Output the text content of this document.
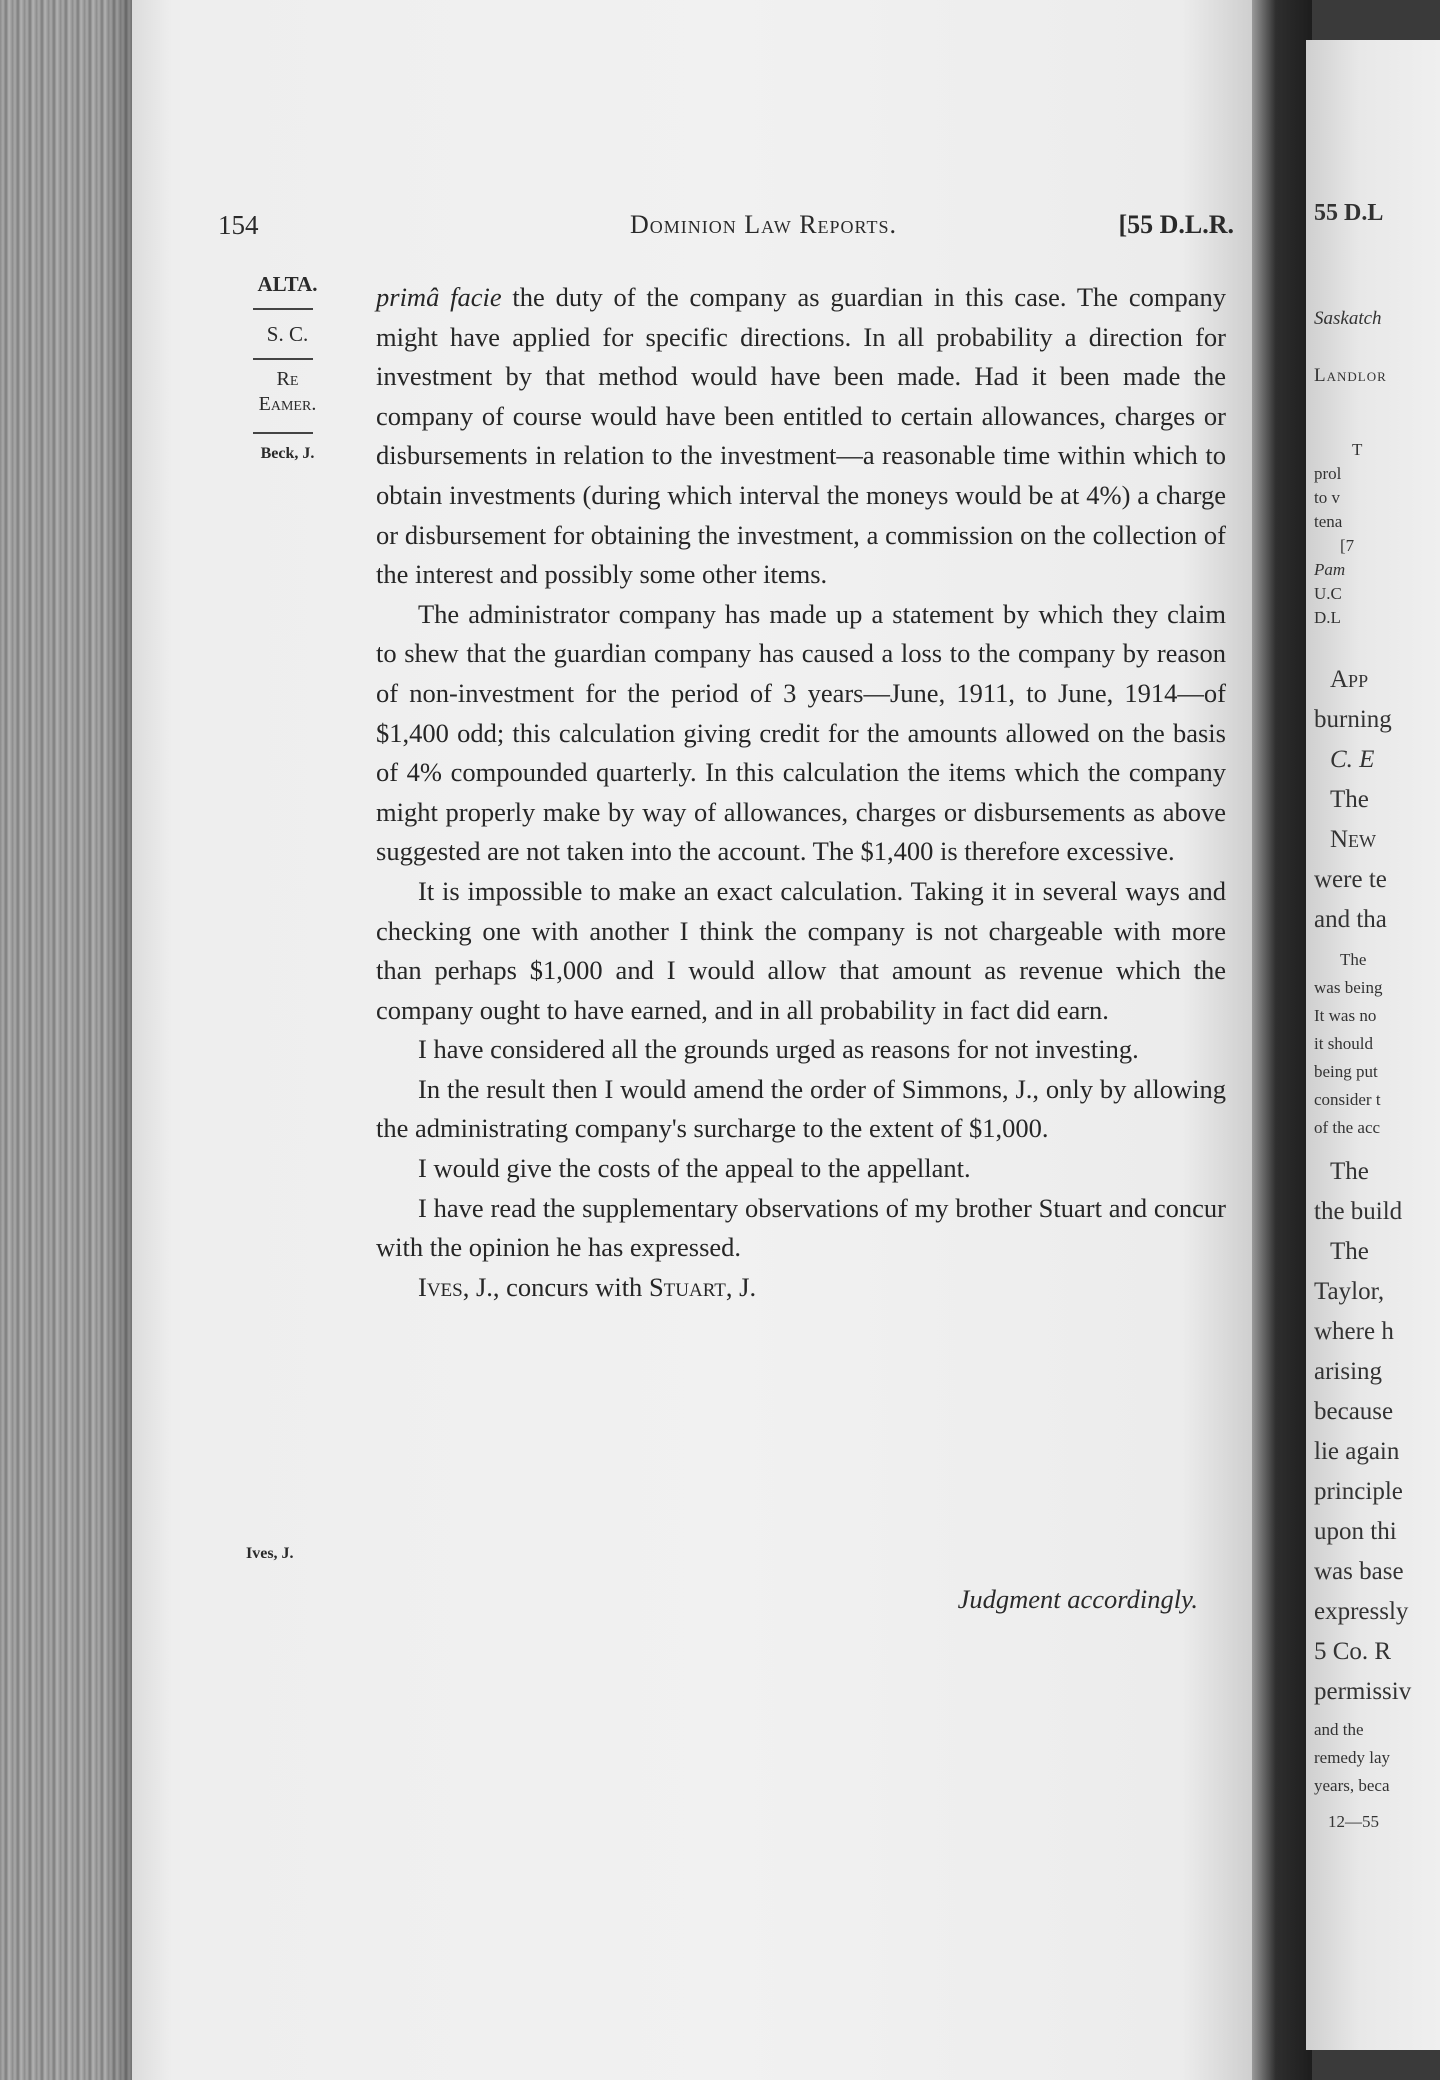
55 D.L
Saskatch
Landlor
T
prol
to v
tena
[7
Pam
U.C
D.L
App
burning
C. E
The
New
were te
and tha
The
was being
It was no
it should
being put
consider t
of the acc
The
the build
The
Taylor,
where h
arising
because
lie again
principle
upon thi
was base
expressly
5 Co. R
permissiv
and the
remedy lay
years, beca
12—55
154	Dominion Law Reports.	[55 D.L.R.
ALTA.
S. C.
Re
Eamer.
Beck, J.
Ives, J.

primâ facie the duty of the company as guardian in this case. The company might have applied for specific directions. In all probability a direction for investment by that method would have been made. Had it been made the company of course would have been entitled to certain allowances, charges or disbursements in relation to the investment—a reasonable time within which to obtain investments (during which interval the moneys would be at 4%) a charge or disbursement for obtaining the investment, a commission on the collection of the interest and possibly some other items.

The administrator company has made up a statement by which they claim to shew that the guardian company has caused a loss to the company by reason of non-investment for the period of 3 years—June, 1911, to June, 1914—of $1,400 odd; this calculation giving credit for the amounts allowed on the basis of 4% compounded quarterly. In this calculation the items which the company might properly make by way of allowances, charges or disbursements as above suggested are not taken into the account. The $1,400 is therefore excessive.

It is impossible to make an exact calculation. Taking it in several ways and checking one with another I think the company is not chargeable with more than perhaps $1,000 and I would allow that amount as revenue which the company ought to have earned, and in all probability in fact did earn.

I have considered all the grounds urged as reasons for not investing.

In the result then I would amend the order of Simmons, J., only by allowing the administrating company's surcharge to the extent of $1,000.

I would give the costs of the appeal to the appellant.

I have read the supplementary observations of my brother Stuart and concur with the opinion he has expressed.

Ives, J., concurs with Stuart, J.

Judgment accordingly.
